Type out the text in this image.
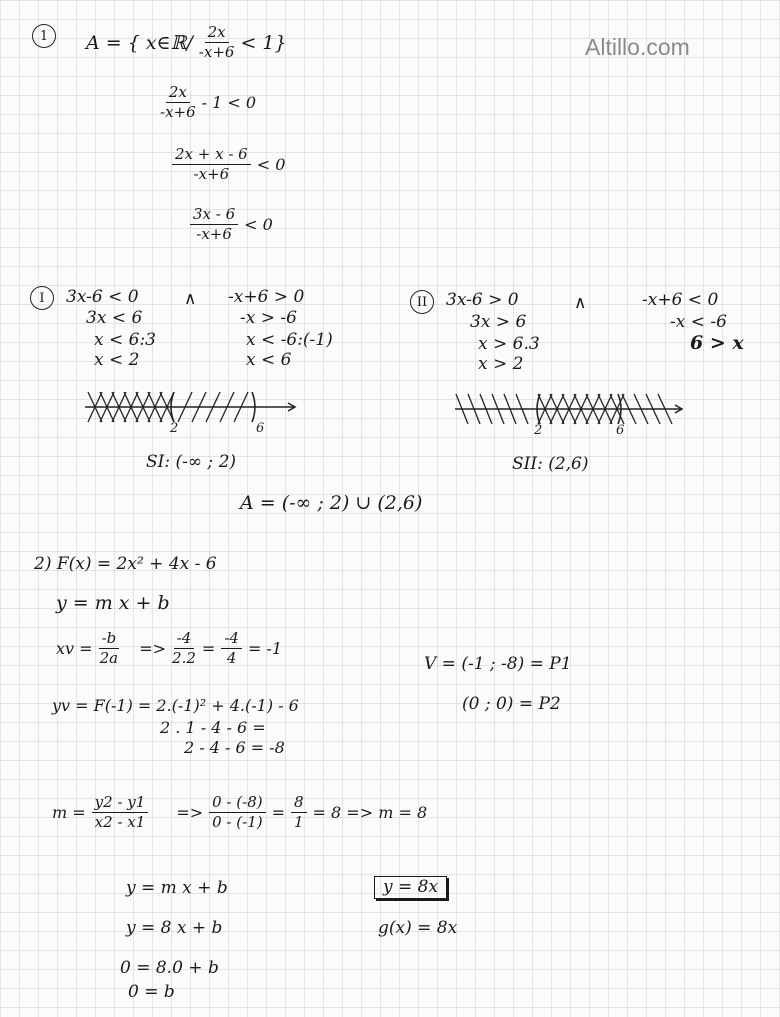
Altillo.com
1	A = { x∈ℝ/ $\frac{2x}{-x+6} < 1$}
$\frac{2x}{-x+6} - 1 < 0$
$\frac{2x + x - 6}{-x+6} < 0$
$\frac{3x - 6}{-x+6} < 0$
I	3x-6 < 0
3x < 6
x < 6:3
x < 2
∧ -x+6 > 0
-x > -6
x < -6:(-1)
x < 6
2	6
SI: (-∞ ; 2)
II	3x-6 > 0
3x > 6
x > 6.3
x > 2
∧	-x+6 < 0
-x < -6
6 > x
2	6
SII: (2,6)
A = (-∞ ; 2) ∪ (2,6)
2) F(x) = 2x² + 4x - 6
y = m x + b
xv = $\frac{-b}{2a} => \frac{-4}{2.2} = \frac{-4}{4} = -1$
V = (-1 ; -8) = P1
(0 ; 0) = P2
yv = F(-1) = 2.(-1)² + 4.(-1) - 6
2 . 1 - 4 - 6 =
2 - 4 - 6 = -8
$m = \frac{y2 - y1}{x2 - x1} => \frac{0 - (-8)}{0 - (-1)} = \frac{8}{1} = 8 => m = 8$
y = m x + b
y = 8 x + b
0 = 8.0 + b
0 = b
y = 8x
g(x) = 8x
